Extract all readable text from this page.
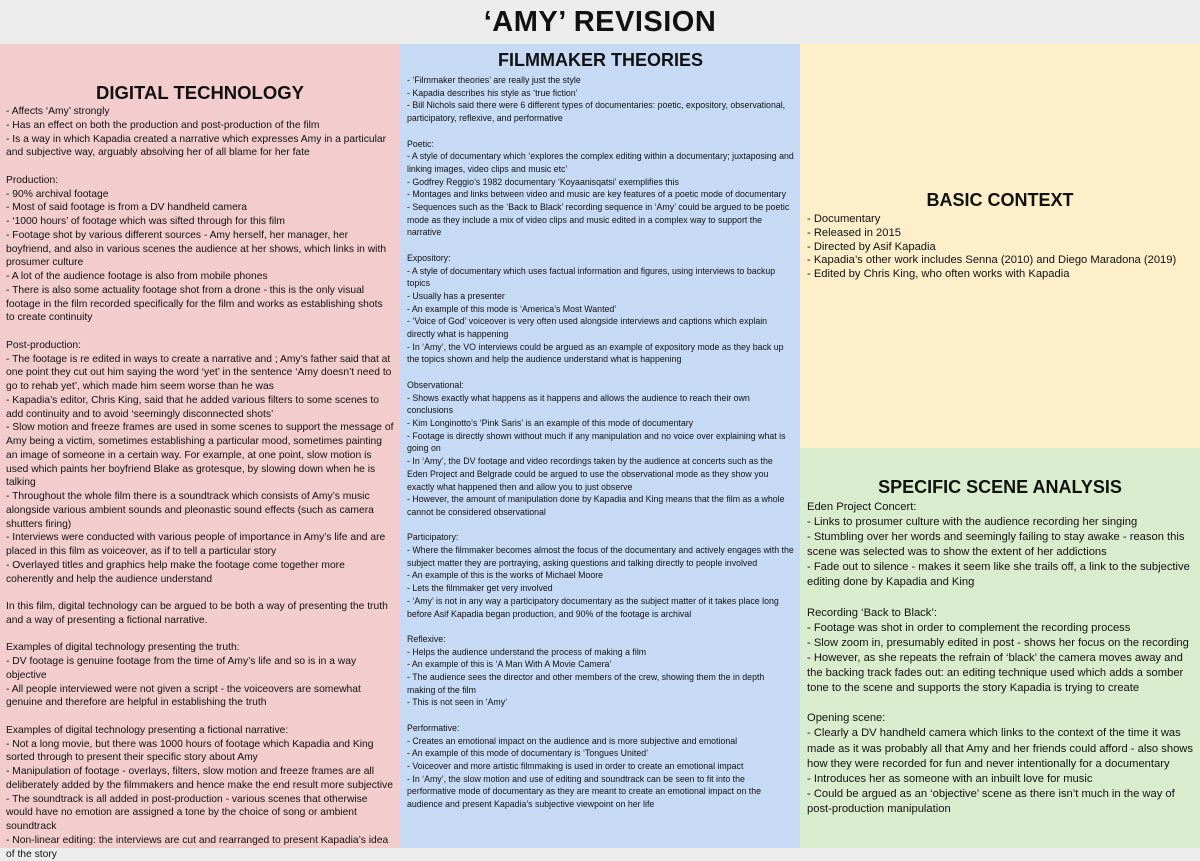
‘AMY’ REVISION
DIGITAL TECHNOLOGY
- Affects ‘Amy’ strongly
- Has an effect on both the production and post-production of the film
- Is a way in which Kapadia created a narrative which expresses Amy in a particular and subjective way, arguably absolving her of all blame for her fate

Production:
- 90% archival footage
- Most of said footage is from a DV handheld camera
- ‘1000 hours’ of footage which was sifted through for this film
- Footage shot by various different sources - Amy herself, her manager, her boyfriend, and also in various scenes the audience at her shows, which links in with prosumer culture
- A lot of the audience footage is also from mobile phones
- There is also some actuality footage shot from a drone - this is the only visual footage in the film recorded specifically for the film and works as establishing shots to create continuity

Post-production:
- The footage is re edited in ways to create a narrative and ; Amy’s father said that at one point they cut out him saying the word ‘yet’ in the sentence ‘Amy doesn’t need to go to rehab yet’, which made him seem worse than he was
- Kapadia’s editor, Chris King, said that he added various filters to some scenes to add continuity and to avoid ‘seemingly disconnected shots’
- Slow motion and freeze frames are used in some scenes to support the message of Amy being a victim, sometimes establishing a particular mood, sometimes painting an image of someone in a certain way. For example, at one point, slow motion is used which paints her boyfriend Blake as grotesque, by slowing down when he is talking
- Throughout the whole film there is a soundtrack which consists of Amy’s music alongside various ambient sounds and pleonastic sound effects (such as camera shutters firing)
- Interviews were conducted with various people of importance in Amy’s life and are placed in this film as voiceover, as if to tell a particular story
- Overlayed titles and graphics help make the footage come together more coherently and help the audience understand

In this film, digital technology can be argued to be both a way of presenting the truth and a way of presenting a fictional narrative.

Examples of digital technology presenting the truth:
- DV footage is genuine footage from the time of Amy’s life and so is in a way objective
- All people interviewed were not given a script - the voiceovers are somewhat genuine and therefore are helpful in establishing the truth

Examples of digital technology presenting a fictional narrative:
- Not a long movie, but there was 1000 hours of footage which Kapadia and King sorted through to present their specific story about Amy
- Manipulation of footage - overlays, filters, slow motion and freeze frames are all deliberately added by the filmmakers and hence make the end result more subjective
- The soundtrack is all added in post-production - various scenes that otherwise would have no emotion are assigned a tone by the choice of song or ambient soundtrack
- Non-linear editing: the interviews are cut and rearranged to present Kapadia’s idea of the story
FILMMAKER THEORIES
- ‘Filmmaker theories’ are really just the style
- Kapadia describes his style as ‘true fiction’
- Bill Nichols said there were 6 different types of documentaries: poetic, expository, observational, participatory, reflexive, and performative

Poetic:
- A style of documentary which ‘explores the complex editing within a documentary; juxtaposing and linking images, video clips and music etc’
- Godfrey Reggio’s 1982 documentary ‘Koyaanisqatsi’ exemplifies this
- Montages and links between video and music are key features of a poetic mode of documentary
- Sequences such as the ‘Back to Black’ recording sequence in ‘Amy’ could be argued to be poetic mode as they include a mix of video clips and music edited in a complex way to support the narrative

Expository:
- A style of documentary which uses factual information and figures, using interviews to backup topics
- Usually has a presenter
- An example of this mode is ‘America’s Most Wanted’
- ‘Voice of God’ voiceover is very often used alongside interviews and captions which explain directly what is happening
- In ‘Amy’, the VO interviews could be argued as an example of expository mode as they back up the topics shown and help the audience understand what is happening

Observational:
- Shows exactly what happens as it happens and allows the audience to reach their own conclusions
- Kim Longinotto’s ‘Pink Saris’ is an example of this mode of documentary
- Footage is directly shown without much if any manipulation and no voice over explaining what is going on
- In ‘Amy’, the DV footage and video recordings taken by the audience at concerts such as the Eden Project and Belgrade could be argued to use the observational mode as they show you exactly what happened then and allow you to just observe
- However, the amount of manipulation done by Kapadia and King means that the film as a whole cannot be considered observational

Participatory:
- Where the filmmaker becomes almost the focus of the documentary and actively engages with the subject matter they are portraying, asking questions and talking directly to people involved
- An example of this is the works of Michael Moore
- Lets the filmmaker get very involved
- ‘Amy’ is not in any way a participatory documentary as the subject matter of it takes place long before Asif Kapadia began production, and 90% of the footage is archival

Reflexive:
- Helps the audience understand the process of making a film
- An example of this is ‘A Man With A Movie Camera’
- The audience sees the director and other members of the crew, showing them the in depth making of the film
- This is not seen in ‘Amy’

Performative:
- Creates an emotional impact on the audience and is more subjective and emotional
- An example of this mode of documentary is ‘Tongues United’
- Voiceover and more artistic filmmaking is used in order to create an emotional impact
- In ‘Amy’, the slow motion and use of editing and soundtrack can be seen to fit into the performative mode of documentary as they are meant to create an emotional impact on the audience and present Kapadia’s subjective viewpoint on her life
BASIC CONTEXT
- Documentary
- Released in 2015
- Directed by Asif Kapadia
- Kapadia’s other work includes Senna (2010) and Diego Maradona (2019)
- Edited by Chris King, who often works with Kapadia
SPECIFIC SCENE ANALYSIS
Eden Project Concert:
- Links to prosumer culture with the audience recording her singing
- Stumbling over her words and seemingly failing to stay awake - reason this scene was selected was to show the extent of her addictions
- Fade out to silence - makes it seem like she trails off, a link to the subjective editing done by Kapadia and King

Recording ‘Back to Black’:
- Footage was shot in order to complement the recording process
- Slow zoom in, presumably edited in post - shows her focus on the recording
- However, as she repeats the refrain of ‘black’ the camera moves away and the backing track fades out: an editing technique used which adds a somber tone to the scene and supports the story Kapadia is trying to create

Opening scene:
- Clearly a DV handheld camera which links to the context of the time it was made as it was probably all that Amy and her friends could afford - also shows how they were recorded for fun and never intentionally for a documentary
- Introduces her as someone with an inbuilt love for music
- Could be argued as an ‘objective’ scene as there isn’t much in the way of post-production manipulation
